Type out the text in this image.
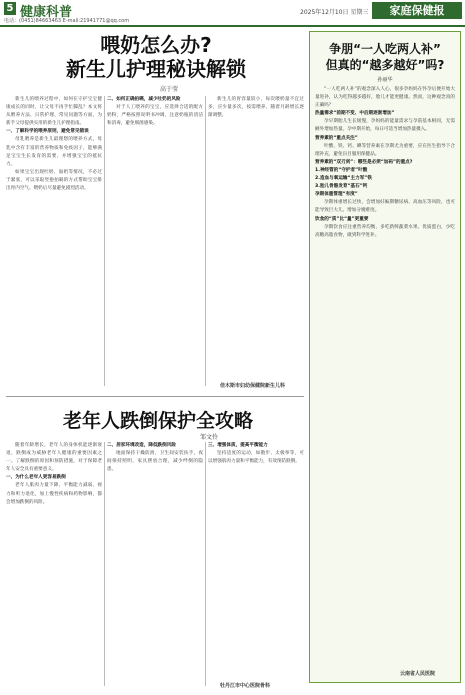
5 健康科普
电话：(0451)84663463 E-mail:21941771@qq.com
2025年12月10日 星期三	家庭保健报
喂奶怎么办?
新生儿护理秘诀解锁
高于莹

新生儿的喂养过程中，如何在守护宝宝健康成长的同时，让父母不再手忙脚乱？本文将从喂养方法、日常护理、常见问题等方面，为新手父母提供实用的新生儿护理指南。

一、了解科学的喂养原则，避免常见错误

母乳喂养是新生儿最理想的喂养方式，母乳中含有丰富的营养物质和免疫因子，能够满足宝宝生长发育的需要，并增强宝宝的抵抗力。

如果宝宝出现吐奶、溢奶等情况，不必过于紧张，可以采取竖抱拍嗝的方式帮助宝宝排出胃内空气。喂奶后尽量避免剧烈活动。

二、如何正确拍嗝，减少吐奶的风险

对于人工喂养的宝宝，应选择合适的配方奶粉，严格按照说明书冲调，注意奶瓶的清洁和消毒，避免细菌感染。

新生儿的胃容量较小，每次喂奶量不宜过多，应少量多次，按需喂养，随着月龄增长逐渐调整。

佳木斯市妇幼保健院新生儿科
老年人跌倒保护全攻略
邹文伶

随着年龄增长，老年人的身体机能逐渐衰退，跌倒成为威胁老年人健康的重要因素之一。了解跌倒的原因和预防措施，对于保障老年人安全具有重要意义。

一、为什么老年人更容易跌倒

老年人肌肉力量下降、平衡能力减弱、视力和听力退化，加上慢性疾病和药物影响，都会增加跌倒的风险。

二、居家环境改造，降低跌倒风险

地面保持干燥防滑，卫生间安装扶手，夜间保持照明，家具摆放合理，减少绊倒的隐患。

三、增强体质，提高平衡能力

坚持适度的运动，如散步、太极拳等，可以增强肌肉力量和平衡能力，有效预防跌倒。

牡丹江市中心医院骨科
争朋“一人吃两人补”
但真的“越多越好”吗?
孙丽华

“一人吃两人补”的观念深入人心，很多孕妈妈在怀孕后便开始大量进补，认为吃得越多越好，胎儿才能更健康。然而，这种观念真的正确吗？

热量需求“前期不变、中后期逐渐增加”

孕早期胎儿生长缓慢，孕妈妈的能量需求与孕前基本相同，无需额外增加热量。孕中期开始，每日可适当增加热量摄入。

营养素的“重点关注”

叶酸、铁、钙、碘等营养素在孕期尤为重要，应在医生指导下合理补充，避免盲目服用保健品。

营养素的“双刃剑”：哪些是必须“加码”的重点?

1.神经管的“守护者”叶酸

2.造血与氧运输“主力军”铁

3.胎儿骨骼发育“基石”钙

孕期体重管理“有度”

孕期体重增长过快，会增加妊娠期糖尿病、高血压等风险，也可能导致巨大儿，增加分娩难度。

饮食的“质”比“量”更重要

孕期饮食应注重营养均衡，多吃新鲜蔬菜水果、优质蛋白，少吃高糖高脂食物，做到科学进补。

云南省人民医院
